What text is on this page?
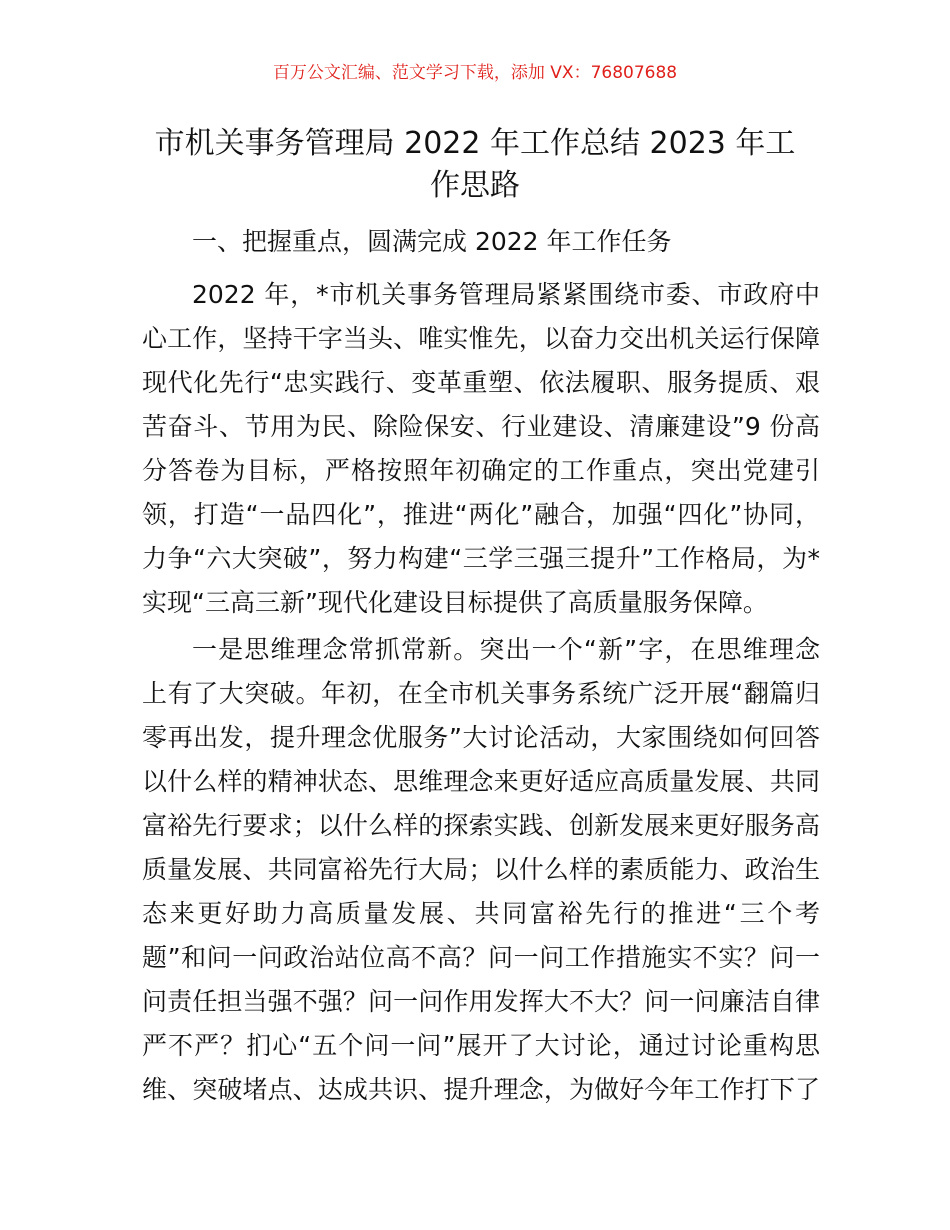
百万公文汇编、范文学习下载，添加 VX：76807688
市机关事务管理局 2022 年工作总结 2023 年工
作思路
一、把握重点，圆满完成 2022 年工作任务
2022 年，*市机关事务管理局紧紧围绕市委、市政府中
心工作，坚持干字当头、唯实惟先，以奋力交出机关运行保障
现代化先行“忠实践行、变革重塑、依法履职、服务提质、艰
苦奋斗、节用为民、除险保安、行业建设、清廉建设”9 份高
分答卷为目标，严格按照年初确定的工作重点，突出党建引
领，打造“一品四化”，推进“两化”融合，加强“四化”协同，
力争“六大突破”，努力构建“三学三强三提升”工作格局，为*
实现“三高三新”现代化建设目标提供了高质量服务保障。
一是思维理念常抓常新。突出一个“新”字，在思维理念
上有了大突破。年初，在全市机关事务系统广泛开展“翻篇归
零再出发，提升理念优服务”大讨论活动，大家围绕如何回答
以什么样的精神状态、思维理念来更好适应高质量发展、共同
富裕先行要求；以什么样的探索实践、创新发展来更好服务高
质量发展、共同富裕先行大局；以什么样的素质能力、政治生
态来更好助力高质量发展、共同富裕先行的推进“三个考
题”和问一问政治站位高不高？问一问工作措施实不实？问一
问责任担当强不强？问一问作用发挥大不大？问一问廉洁自律
严不严？扪心“五个问一问”展开了大讨论，通过讨论重构思
维、突破堵点、达成共识、提升理念，为做好今年工作打下了
